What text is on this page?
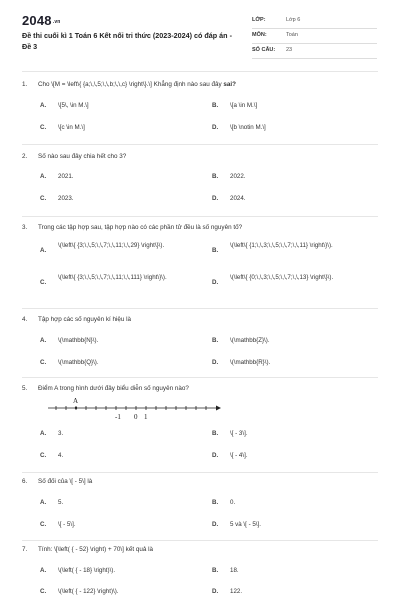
2048.vn
Đề thi cuối kì 1 Toán 6 Kết nối tri thức (2023-2024) có đáp án - Đề 3
LỚP:	Lớp 6
MÔN:	Toán
SỐ CÂU: 23
1. Cho \[M = \left\{ {a;\,\,5;\,\,b;\,\,c} \right\}.\] Khẳng định nào sau đây sai?
A. \[5\, \in M.\]	B. \[a \in M.\]
C. \[c \in M.\]	D. \[b \notin M.\]
2. Số nào sau đây chia hết cho 3?
A. 2021.	B. 2022.
C. 2023.	D. 2024.
3. Trong các tập hợp sau, tập hợp nào có các phần tử đều là số nguyên tố?
A.
\(\left\{ {3;\,\,5;\,\,7;\,\,11;\,\,29} \right\}\).
B.
\(\left\{ {1;\,\,3;\,\,5;\,\,7;\,\,11} \right\}\).
C.
\(\left\{ {3;\,\,5;\,\,7;\,\,11;\,\,111} \right\}\).
D.
\(\left\{ {0;\,\,3;\,\,5;\,\,7;\,\,13} \right\}\).
4. Tập hợp các số nguyên kí hiệu là
A. \(\mathbb{N}\).	B. \(\mathbb{Z}\).
C. \(\mathbb{Q}\).	D. \(\mathbb{R}\).
5. Điểm A trong hình dưới đây biểu diễn số nguyên nào?
A
-1 0 1
A. 3.	B. \[ - 3\].
C. 4.	D. \[ - 4\].
6. Số đối của \[ - 5\] là
A. 5.	B. 0.
C. \[ - 5\].	D. 5 và \[ - 5\].
7. Tính: \[\left( { - 52} \right) + 70\] kết quả là
A. \(\left( { - 18} \right)\).	B. 18.
C. \(\left( { - 122} \right)\).	D. 122.
